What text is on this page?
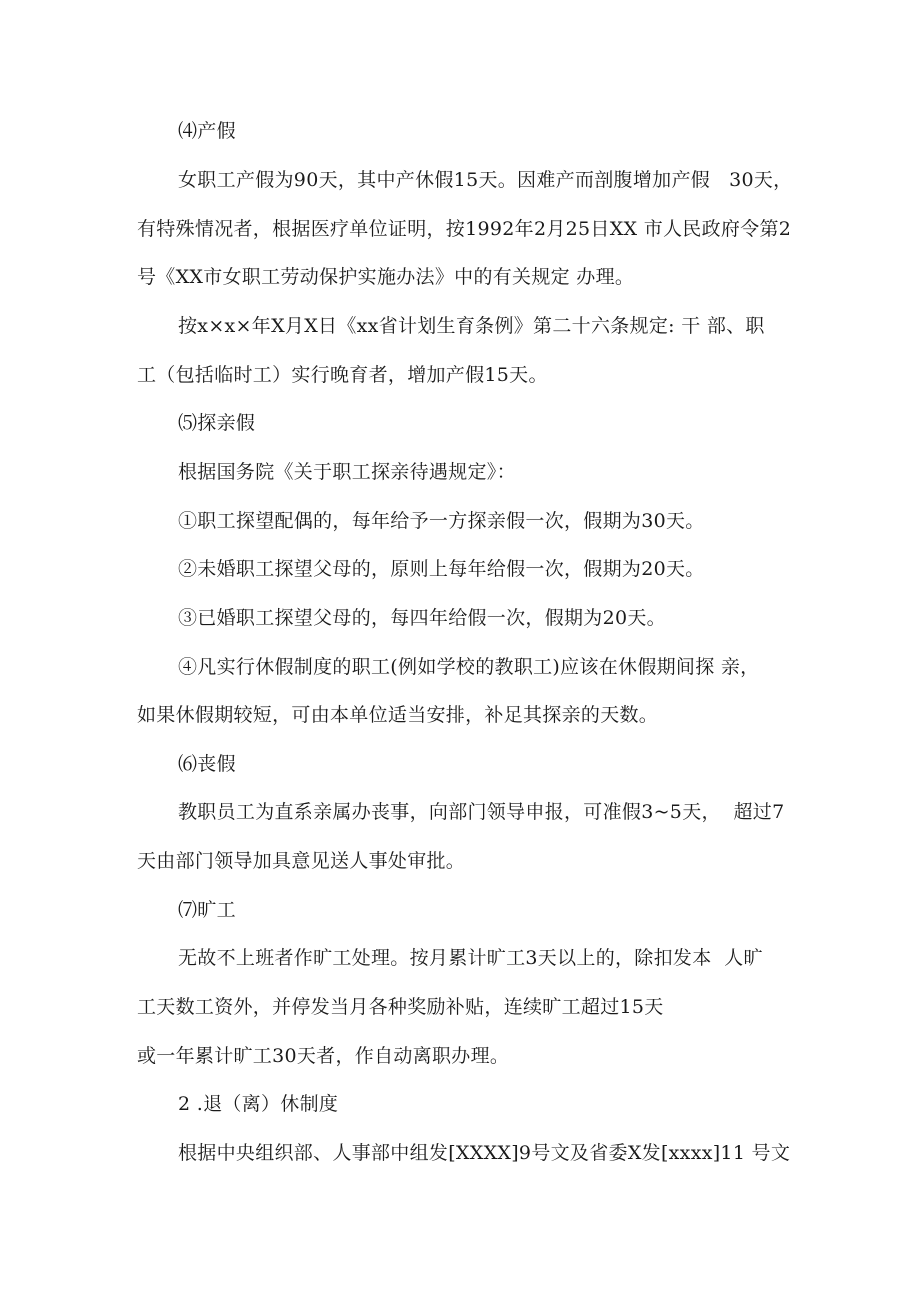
⑷产假
女职工产假为90天，其中产休假15天。因难产而剖腹增加产假   30天，
有特殊情况者，根据医疗单位证明，按1992年2月25日XX 市人民政府令第2
号《XX市女职工劳动保护实施办法》中的有关规定 办理。
按x×x×年X月X日《xx省计划生育条例》第二十六条规定: 干 部、职
工（包括临时工）实行晚育者，增加产假15天。
⑸探亲假
根据国务院《关于职工探亲待遇规定》：
①职工探望配偶的，每年给予一方探亲假一次，假期为30天。
②未婚职工探望父母的，原则上每年给假一次，假期为20天。
③已婚职工探望父母的，每四年给假一次，假期为20天。
④凡实行休假制度的职工(例如学校的教职工)应该在休假期间探 亲，
如果休假期较短，可由本单位适当安排，补足其探亲的天数。
⑹丧假
教职员工为直系亲属办丧事，向部门领导申报，可准假3~5天，  超过7
天由部门领导加具意见送人事处审批。
⑺旷工
无故不上班者作旷工处理。按月累计旷工3天以上的，除扣发本  人旷
工天数工资外，并停发当月各种奖励补贴，连续旷工超过15天
或一年累计旷工30天者，作自动离职办理。
2 .退（离）休制度
根据中央组织部、人事部中组发[XXXX]9号文及省委X发[xxxx]11 号文
